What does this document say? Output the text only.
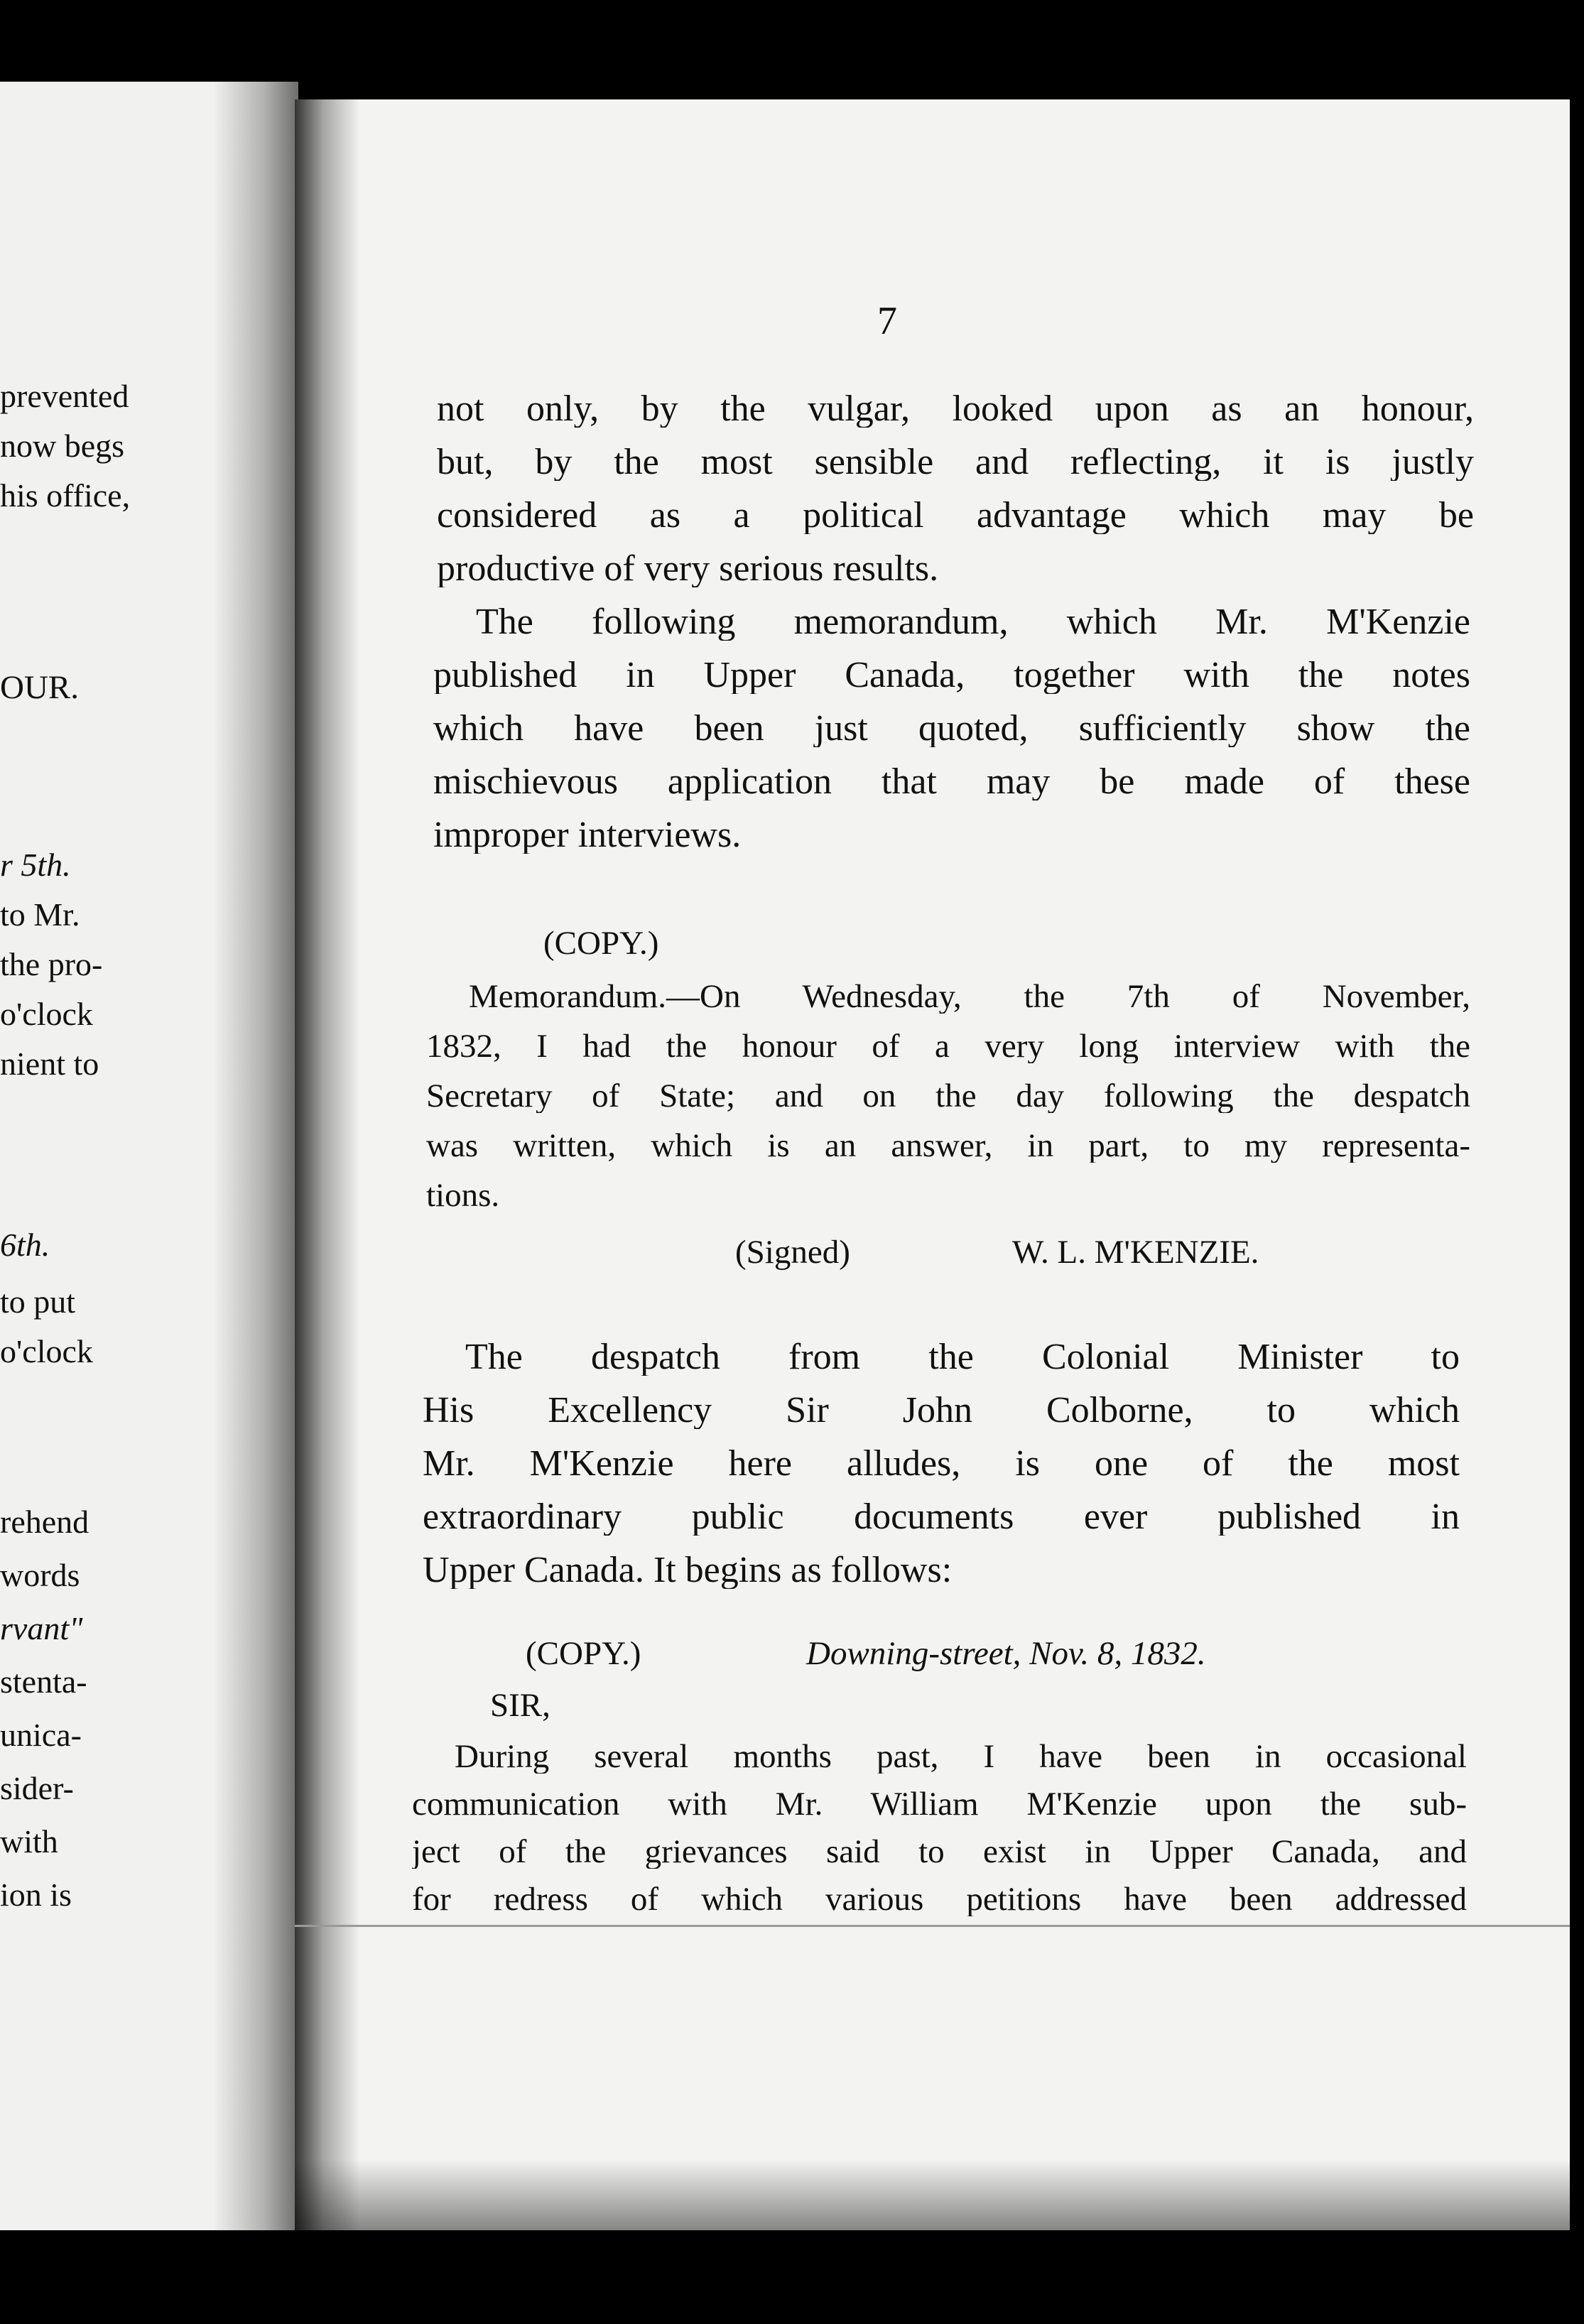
prevented
now begs
his office,
OUR.
r 5th.
to Mr.
the pro-
o'clock
nient to
6th.
to put
o'clock
rehend
words
rvant"
stenta-
unica-
sider-
with
ion is
7
not only, by the vulgar, looked upon as an honour,
but, by the most sensible and reflecting, it is justly
considered as a political advantage which may be
productive of very serious results.
The following memorandum, which Mr. M'Kenzie
published in Upper Canada, together with the notes
which have been just quoted, sufficiently show the
mischievous application that may be made of these
improper interviews.
(COPY.)
Memorandum.—On Wednesday, the 7th of November,
1832, I had the honour of a very long interview with the
Secretary of State; and on the day following the despatch
was written, which is an answer, in part, to my representa-
tions.
(Signed)	W. L. M'KENZIE.
The despatch from the Colonial Minister to
His Excellency Sir John Colborne, to which
Mr. M'Kenzie here alludes, is one of the most
extraordinary public documents ever published in
Upper Canada. It begins as follows:
(COPY.)	Downing-street, Nov. 8, 1832.
SIR,
During several months past, I have been in occasional
communication with Mr. William M'Kenzie upon the sub-
ject of the grievances said to exist in Upper Canada, and
for redress of which various petitions have been addressed
